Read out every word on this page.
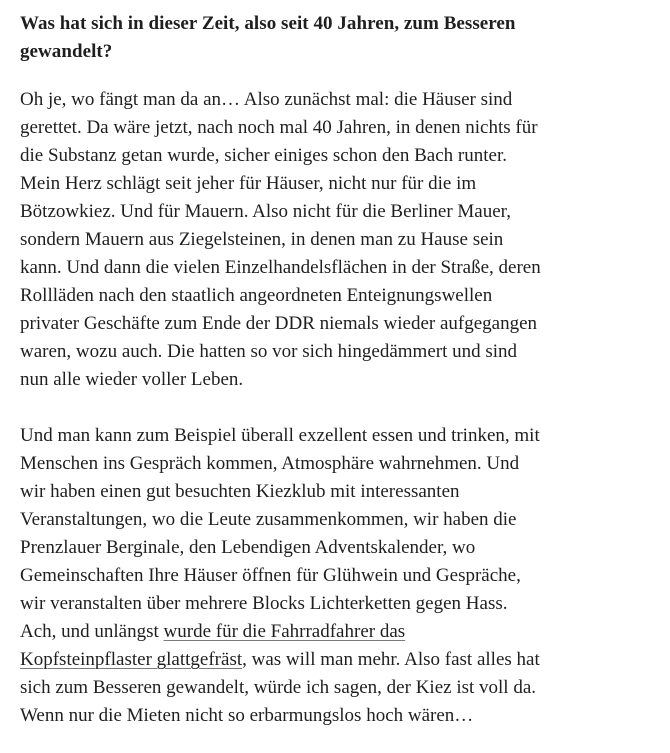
Was hat sich in dieser Zeit, also seit 40 Jahren, zum Besseren
gewandelt?

Oh je, wo fängt man da an… Also zunächst mal: die Häuser sind
gerettet. Da wäre jetzt, nach noch mal 40 Jahren, in denen nichts für
die Substanz getan wurde, sicher einiges schon den Bach runter.
Mein Herz schlägt seit jeher für Häuser, nicht nur für die im
Bötzowkiez. Und für Mauern. Also nicht für die Berliner Mauer,
sondern Mauern aus Ziegelsteinen, in denen man zu Hause sein
kann. Und dann die vielen Einzelhandelsflächen in der Straße, deren
Rollläden nach den staatlich angeordneten Enteignungswellen
privater Geschäfte zum Ende der DDR niemals wieder aufgegangen
waren, wozu auch. Die hatten so vor sich hingedämmert und sind
nun alle wieder voller Leben.

Und man kann zum Beispiel überall exzellent essen und trinken, mit
Menschen ins Gespräch kommen, Atmosphäre wahrnehmen. Und
wir haben einen gut besuchten Kiezklub mit interessanten
Veranstaltungen, wo die Leute zusammenkommen, wir haben die
Prenzlauer Berginale, den Lebendigen Adventskalender, wo
Gemeinschaften Ihre Häuser öffnen für Glühwein und Gespräche,
wir veranstalten über mehrere Blocks Lichterketten gegen Hass.
Ach, und unlängst wurde für die Fahrradfahrer das
Kopfsteinpflaster glattgefräst, was will man mehr. Also fast alles hat
sich zum Besseren gewandelt, würde ich sagen, der Kiez ist voll da.
Wenn nur die Mieten nicht so erbarmungslos hoch wären…
